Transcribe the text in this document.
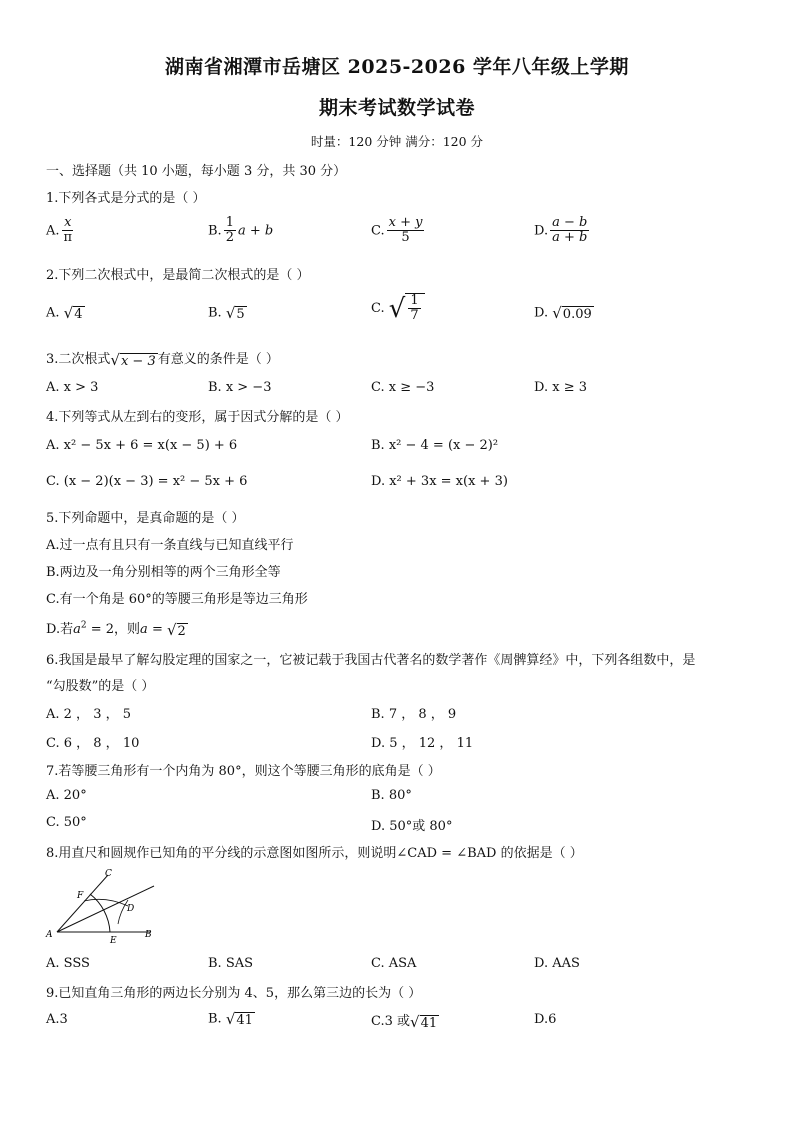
湖南省湘潭市岳塘区 2025-2026 学年八年级上学期
期末考试数学试卷
时量：120 分钟 满分：120 分
一、选择题（共 10 小题，每小题 3 分，共 30 分）
1.下列各式是分式的是（ ）
A. $\frac{x}{\pi}$	B. $\frac{1}{2}$ a + b	C. $\frac{x + y}{5}$	D. $\frac{a - b}{a + b}$
2.下列二次根式中，是最简二次根式的是（ ）
A. √ 4	B. √ 5	C. √ $\frac{1}{7}$	D. √ 0.09
3.二次根式 √ x − 3 有意义的条件是（ ）
A. x > 3	B. x > −3	C. x ≥ −3	D. x ≥ 3
4.下列等式从左到右的变形，属于因式分解的是（ ）
A. x² − 5x + 6 = x(x − 5) + 6	B. x² − 4 = (x − 2)²
C. (x − 2)(x − 3) = x² − 5x + 6	D. x² + 3x = x(x + 3)
5.下列命题中，是真命题的是（ ）
A.过一点有且只有一条直线与已知直线平行
B.两边及一角分别相等的两个三角形全等
C.有一个角是 60°的等腰三角形是等边三角形
D.若$a^2 = 2$，则a = √ 2
6.我国是最早了解勾股定理的国家之一，它被记载于我国古代著名的数学著作《周髀算经》中，下列各组数中，是
“勾股数”的是（ ）
A. 2 ， 3 ， 5	B. 7 ， 8 ， 9
C. 6 ， 8 ， 10	D. 5 ， 12 ， 11
7.若等腰三角形有一个内角为 80°，则这个等腰三角形的底角是（ ）
A. 20°	B. 80°
C. 50°	D. 50°或 80°
8.用直尺和圆规作已知角的平分线的示意图如图所示，则说明∠CAD = ∠BAD 的依据是（ ）
A	B
C
D
E
F
A. SSS	B. SAS	C. ASA	D. AAS
9.已知直角三角形的两边长分别为 4、5，那么第三边的长为（ ）
A.3	B. √ 41	C.3 或 √ 41	D.6
